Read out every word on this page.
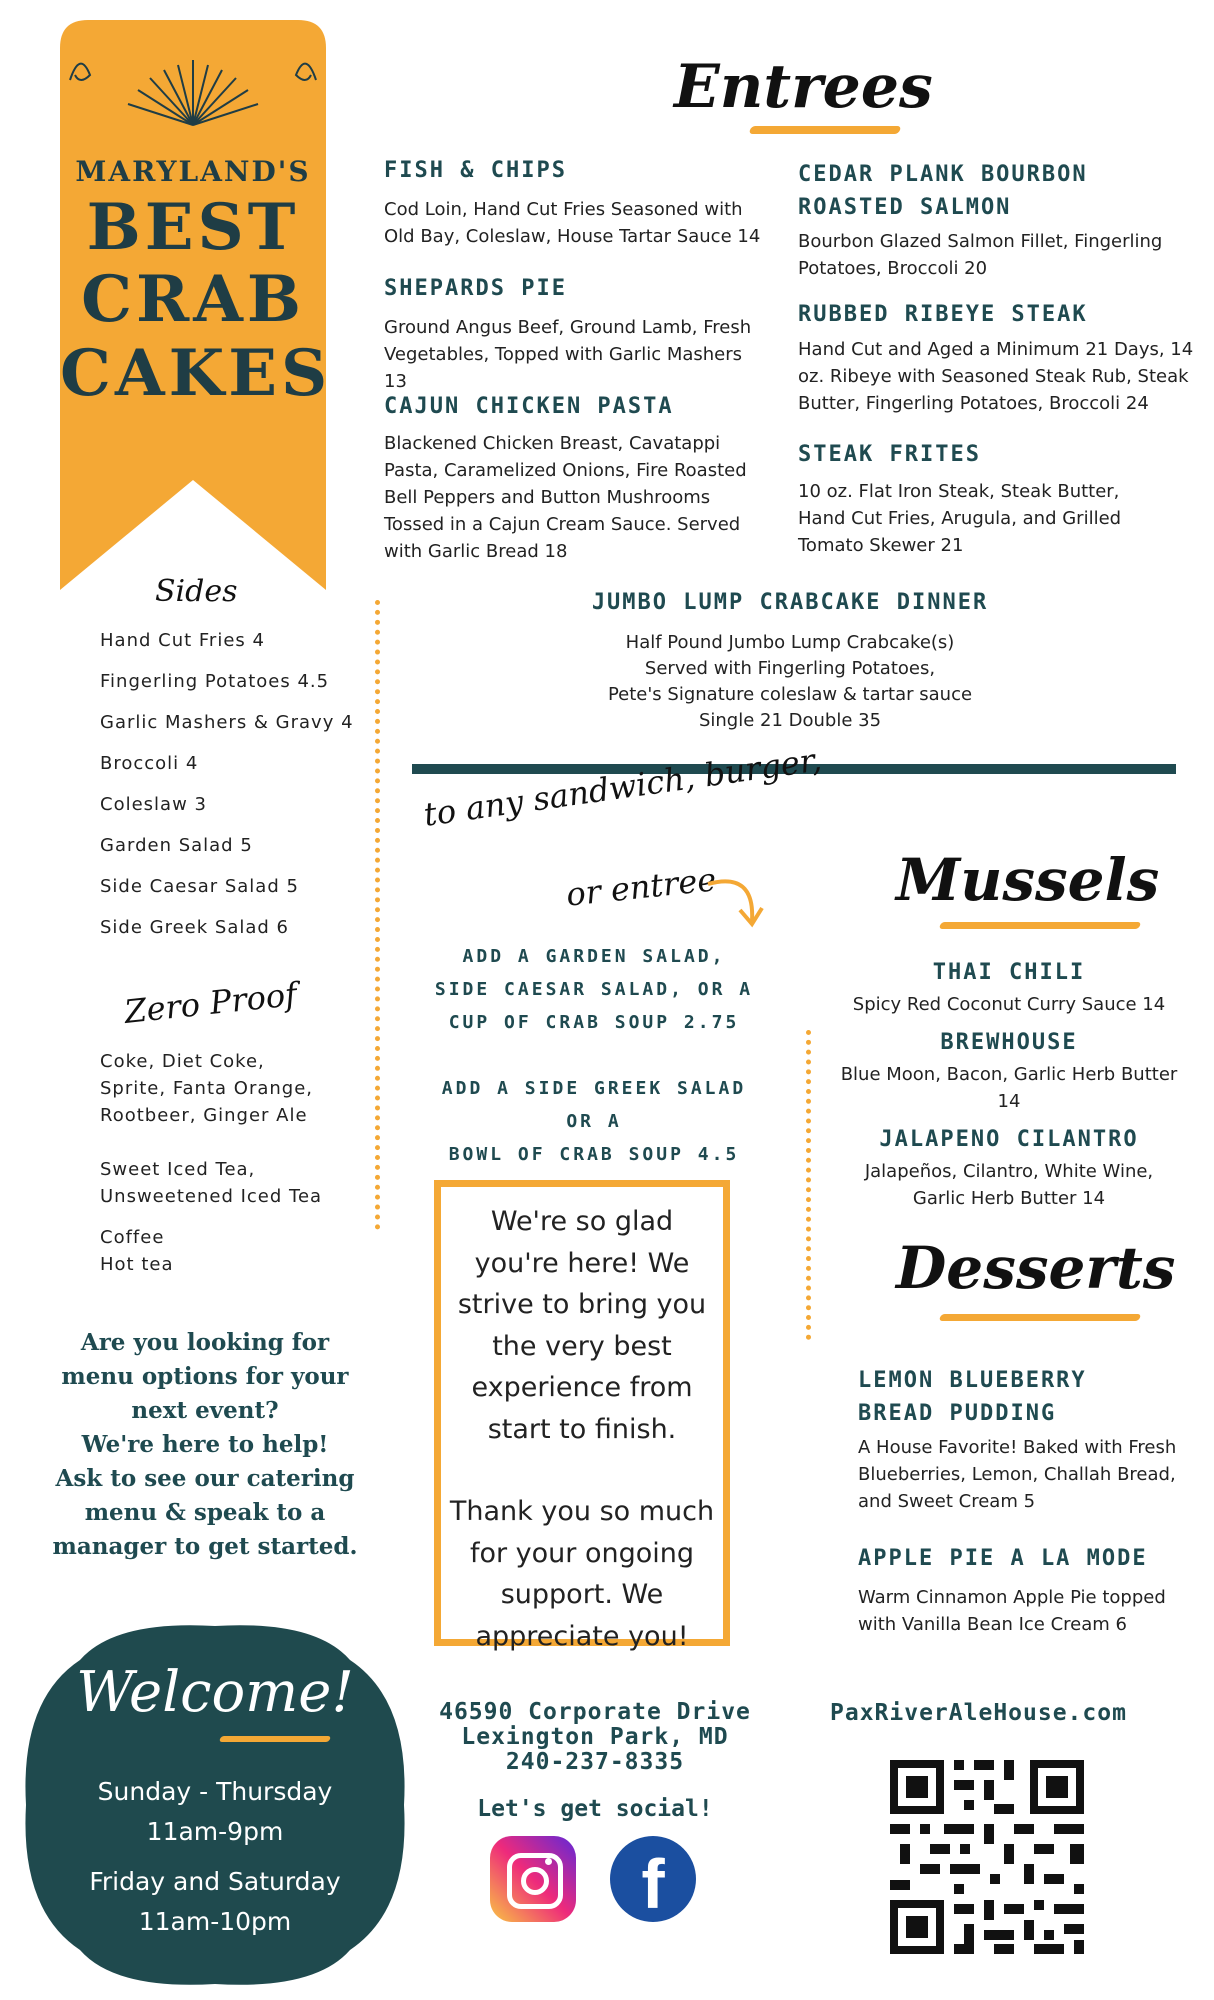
MARYLAND'S
BEST
CRAB
CAKES
Entrees
FISH & CHIPS
Cod Loin, Hand Cut Fries Seasoned with Old Bay, Coleslaw, House Tartar Sauce 14
SHEPARDS PIE
Ground Angus Beef, Ground Lamb, Fresh Vegetables, Topped with Garlic Mashers 13
CAJUN CHICKEN PASTA
Blackened Chicken Breast, Cavatappi Pasta, Caramelized Onions, Fire Roasted Bell Peppers and Button Mushrooms Tossed in a Cajun Cream Sauce. Served with Garlic Bread 18
CEDAR PLANK BOURBON ROASTED SALMON
Bourbon Glazed Salmon Fillet, Fingerling Potatoes, Broccoli 20
RUBBED RIBEYE STEAK
Hand Cut and Aged a Minimum 21 Days, 14 oz. Ribeye with Seasoned Steak Rub, Steak Butter, Fingerling Potatoes, Broccoli 24
STEAK FRITES
10 oz. Flat Iron Steak, Steak Butter, Hand Cut Fries, Arugula, and Grilled Tomato Skewer 21
JUMBO LUMP CRABCAKE DINNER
Half Pound Jumbo Lump Crabcake(s)
Served with Fingerling Potatoes,
Pete's Signature coleslaw & tartar sauce
Single 21 Double 35
Sides
Hand Cut Fries 4
Fingerling Potatoes 4.5
Garlic Mashers & Gravy 4
Broccoli 4
Coleslaw 3
Garden Salad 5
Side Caesar Salad 5
Side Greek Salad 6
Zero Proof
Coke, Diet Coke,
Sprite, Fanta Orange,
Rootbeer, Ginger Ale
Sweet Iced Tea,
Unsweetened Iced Tea
Coffee
Hot tea
Are you looking for
menu options for your
next event?
We're here to help!
Ask to see our catering
menu & speak to a
manager to get started.
Welcome!
Sunday - Thursday
11am-9pm
Friday and Saturday
11am-10pm
to any sandwich, burger,
or entree
ADD A GARDEN SALAD,
SIDE CAESAR SALAD, OR A
CUP OF CRAB SOUP 2.75
ADD A SIDE GREEK SALAD OR A
BOWL OF CRAB SOUP 4.5
We're so glad
you're here! We
strive to bring you
the very best
experience from
start to finish.
Thank you so much
for your ongoing
support. We
appreciate you!
Mussels
THAI CHILI
Spicy Red Coconut Curry Sauce 14
BREWHOUSE
Blue Moon, Bacon, Garlic Herb Butter 14
JALAPENO CILANTRO
Jalapeños, Cilantro, White Wine,
Garlic Herb Butter 14
Desserts
LEMON BLUEBERRY
BREAD PUDDING
A House Favorite! Baked with Fresh Blueberries, Lemon, Challah Bread, and Sweet Cream 5
APPLE PIE A LA MODE
Warm Cinnamon Apple Pie topped with Vanilla Bean Ice Cream 6
46590 Corporate Drive
Lexington Park, MD
240-237-8335
Let's get social!
f
PaxRiverAleHouse.com
